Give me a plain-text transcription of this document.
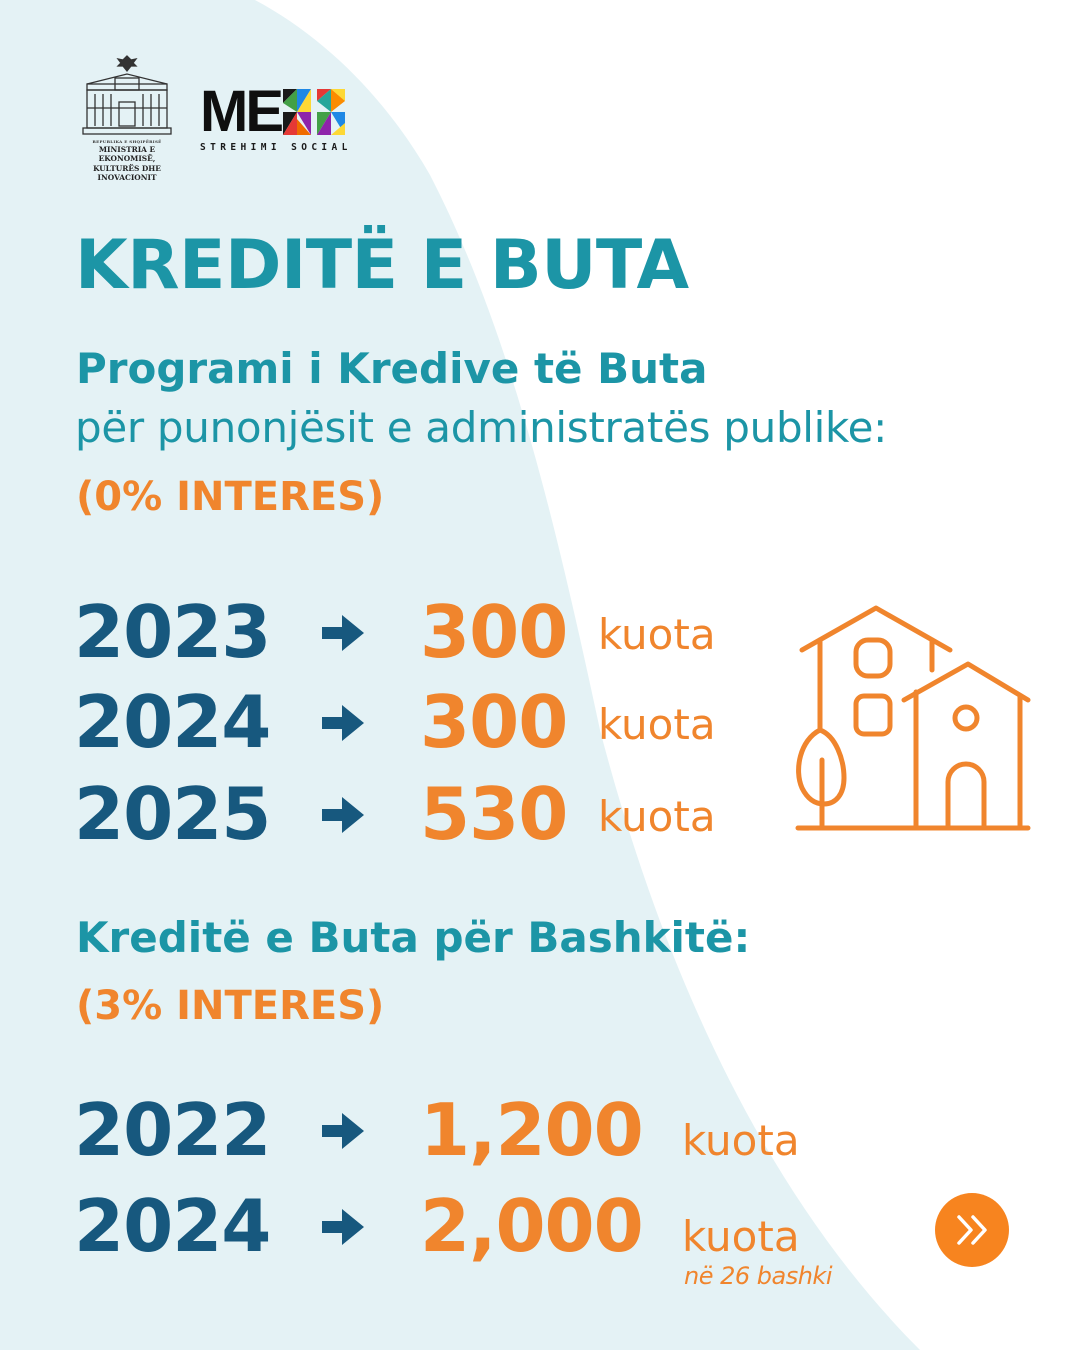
REPUBLIKA E SHQIPËRISË
MINISTRIA E EKONOMISË,
KULTURËS DHE INOVACIONIT
ME
STREHIMI SOCIAL
KREDITË E BUTA
Programi i Kredive të Buta
për punonjësit e administratës publike:
(0% INTERES)
2023 300 kuota
2024 300 kuota
2025 530 kuota
Kreditë e Buta për Bashkitë:
(3% INTERES)
2022 1,200 kuota
2024 2,000 kuota
në 26 bashki
